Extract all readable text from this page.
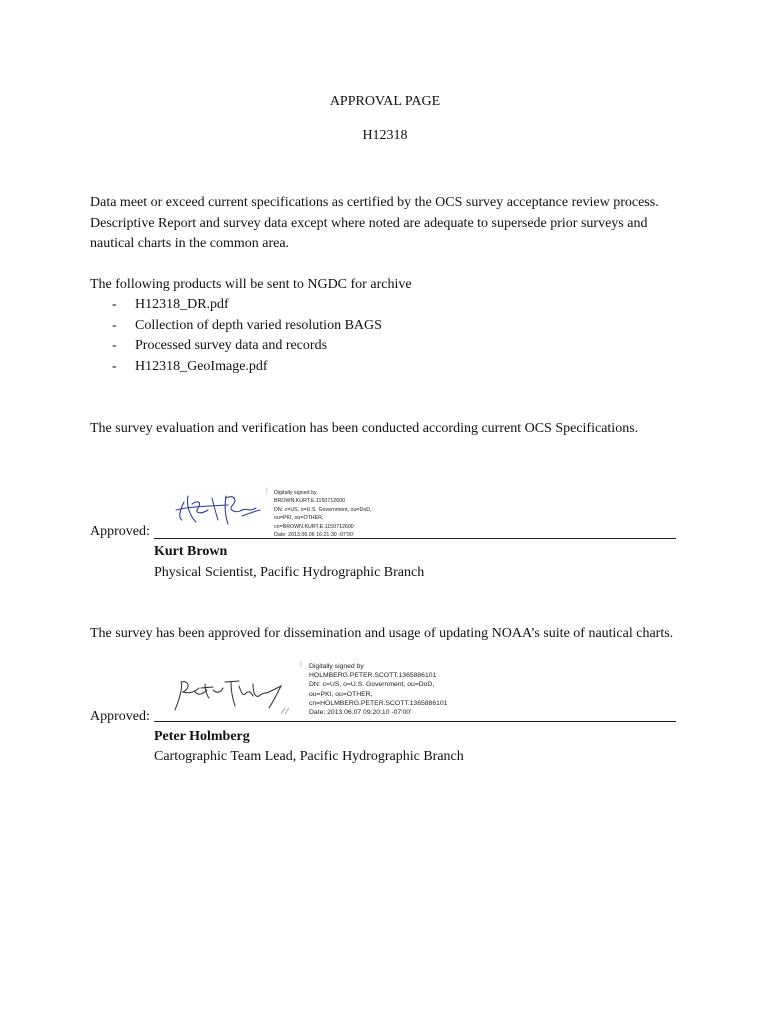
APPROVAL PAGE
H12318
Data meet or exceed current specifications as certified by the OCS survey acceptance review process. Descriptive Report and survey data except where noted are adequate to supersede prior surveys and nautical charts in the common area.
The following products will be sent to NGDC for archive
-	H12318_DR.pdf
-	Collection of depth varied resolution BAGS
-	Processed survey data and records
-	H12318_GeoImage.pdf
The survey evaluation and verification has been conducted according current OCS Specifications.
| Digitally signed by
BROWN.KURT.E.1150712600
DN: c=US, o=U.S. Government, ou=DoD,
ou=PKI, ou=OTHER,
cn=BROWN.KURT.E.1150712600
Date: 2013.06.06 16:21:30 -07'00'
Approved:
Kurt Brown
Physical Scientist, Pacific Hydrographic Branch
The survey has been approved for dissemination and usage of updating NOAA’s suite of nautical charts.
| Digitally signed by
HOLMBERG.PETER.SCOTT.1365886101
DN: c=US, o=U.S. Government, ou=DoD,
ou=PKI, ou=OTHER,
cn=HOLMBERG.PETER.SCOTT.1365886101
Date: 2013.06.07 09:20:10 -07'00'
Approved:
Peter Holmberg
Cartographic Team Lead, Pacific Hydrographic Branch
